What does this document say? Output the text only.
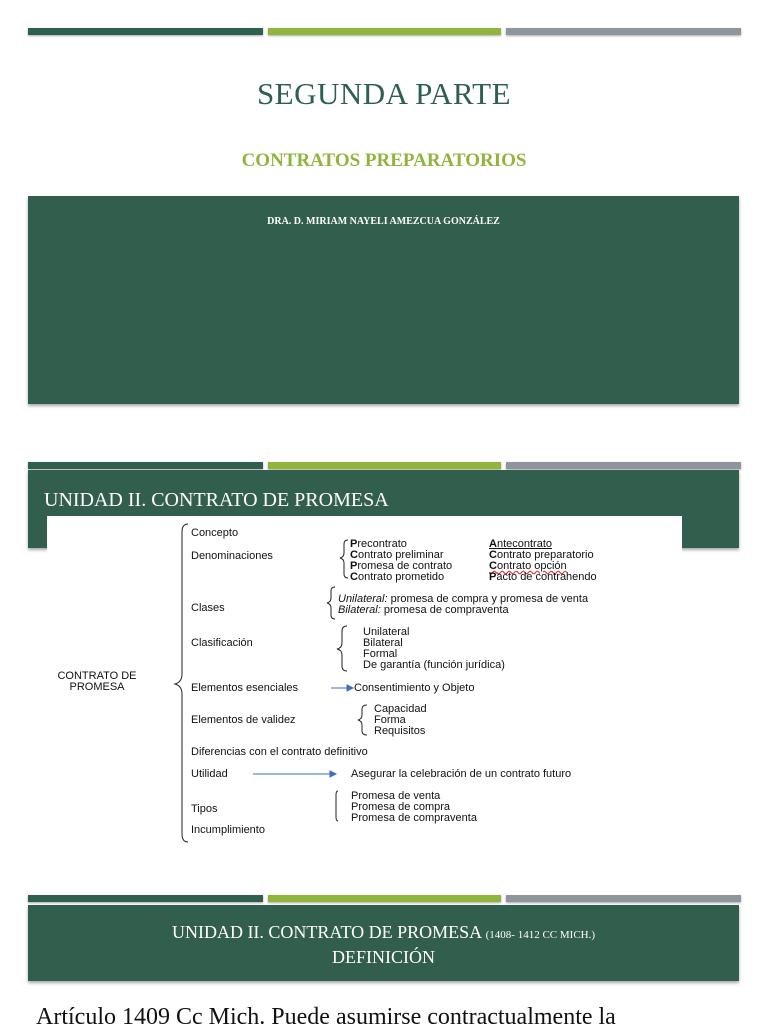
SEGUNDA PARTE
CONTRATOS PREPARATORIOS
DRA. D. MIRIAM NAYELI AMEZCUA GONZÁLEZ
UNIDAD II. CONTRATO DE PROMESA
CONTRATO DE
PROMESA
Concepto
Denominaciones
Precontrato
Contrato preliminar
Promesa de contrato
Contrato prometido
Antecontrato
Contrato preparatorio
Contrato opción
Pacto de contrahendo
Clases
Unilateral: promesa de compra y promesa de venta
Bilateral: promesa de compraventa
Clasificación
Unilateral
Bilateral
Formal
De garantía (función jurídica)
Elementos esenciales	Consentimiento y Objeto
Elementos de validez
Capacidad
Forma
Requisitos
Diferencias con el contrato definitivo
Utilidad	Asegurar la celebración de un contrato futuro
Tipos
Promesa de venta
Promesa de compra
Promesa de compraventa
Incumplimiento
UNIDAD II. CONTRATO DE PROMESA (1408- 1412 CC MICH.)
DEFINICIÓN
Artículo 1409 Cc Mich. Puede asumirse contractualmente la
